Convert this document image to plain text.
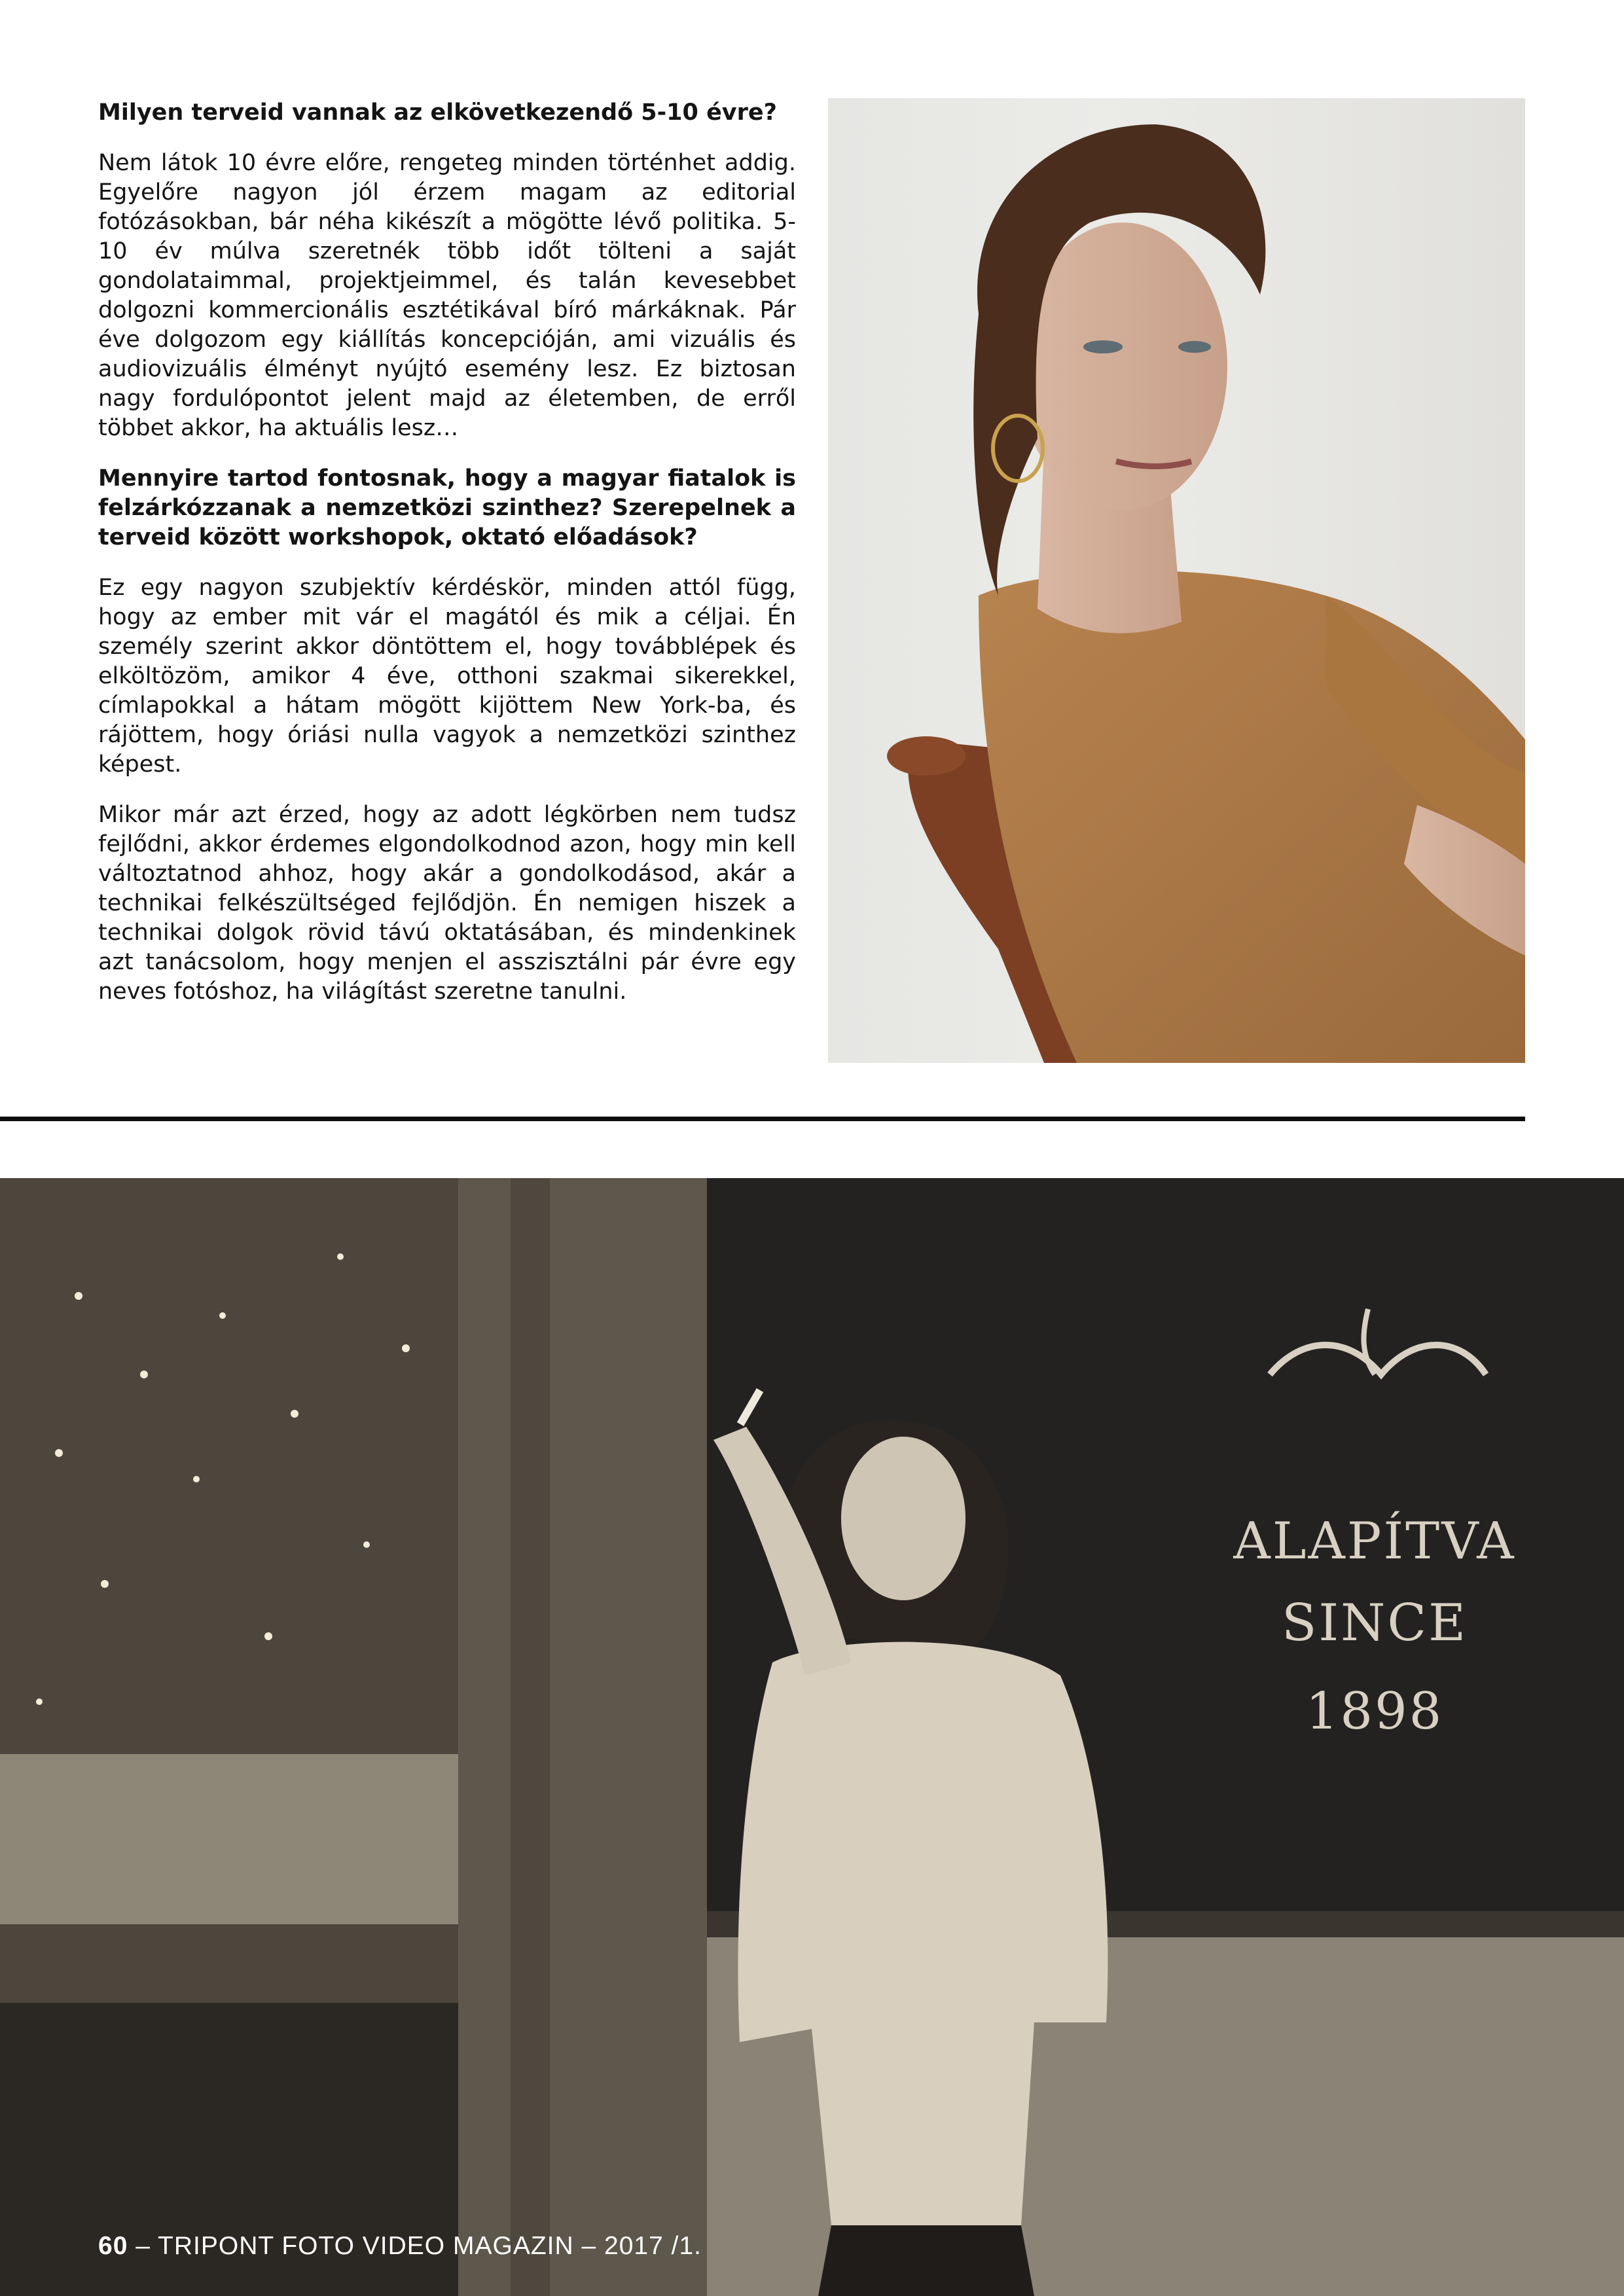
Milyen terveid vannak az elkövetkezendő 5-10 évre?

Nem látok 10 évre előre, rengeteg minden történhet addig. Egyelőre nagyon jól érzem magam az editorial fotózásokban, bár néha kikészít a mögötte lévő politika. 5-10 év múlva szeretnék több időt tölteni a saját gondolataimmal, projektjeimmel, és talán kevesebbet dolgozni kommercionális esztétikával bíró márkáknak. Pár éve dolgozom egy kiállítás koncepcióján, ami vizuális és audiovizuális élményt nyújtó esemény lesz. Ez biztosan nagy fordulópontot jelent majd az életemben, de erről többet akkor, ha aktuális lesz…

Mennyire tartod fontosnak, hogy a magyar fiatalok is felzárkózzanak a nemzetközi szinthez? Szerepelnek a terveid között workshopok, oktató előadások?

Ez egy nagyon szubjektív kérdéskör, minden attól függ, hogy az ember mit vár el magától és mik a céljai. Én személy szerint akkor döntöttem el, hogy továbblépek és elköltözöm, amikor 4 éve, otthoni szakmai sikerekkel, címlapokkal a hátam mögött kijöttem New York-ba, és rájöttem, hogy óriási nulla vagyok a nemzetközi szinthez képest.

Mikor már azt érzed, hogy az adott légkörben nem tudsz fejlődni, akkor érdemes elgondolkodnod azon, hogy min kell változtatnod ahhoz, hogy akár a gondolkodásod, akár a technikai felkészültséged fejlődjön. Én nemigen hiszek a technikai dolgok rövid távú oktatásában, és mindenkinek azt tanácsolom, hogy menjen el asszisztálni pár évre egy neves fotóshoz, ha világítást szeretne tanulni.

ALAPÍTVA
SINCE
1898
60 – TRIPONT FOTO VIDEO MAGAZIN – 2017 /1.
